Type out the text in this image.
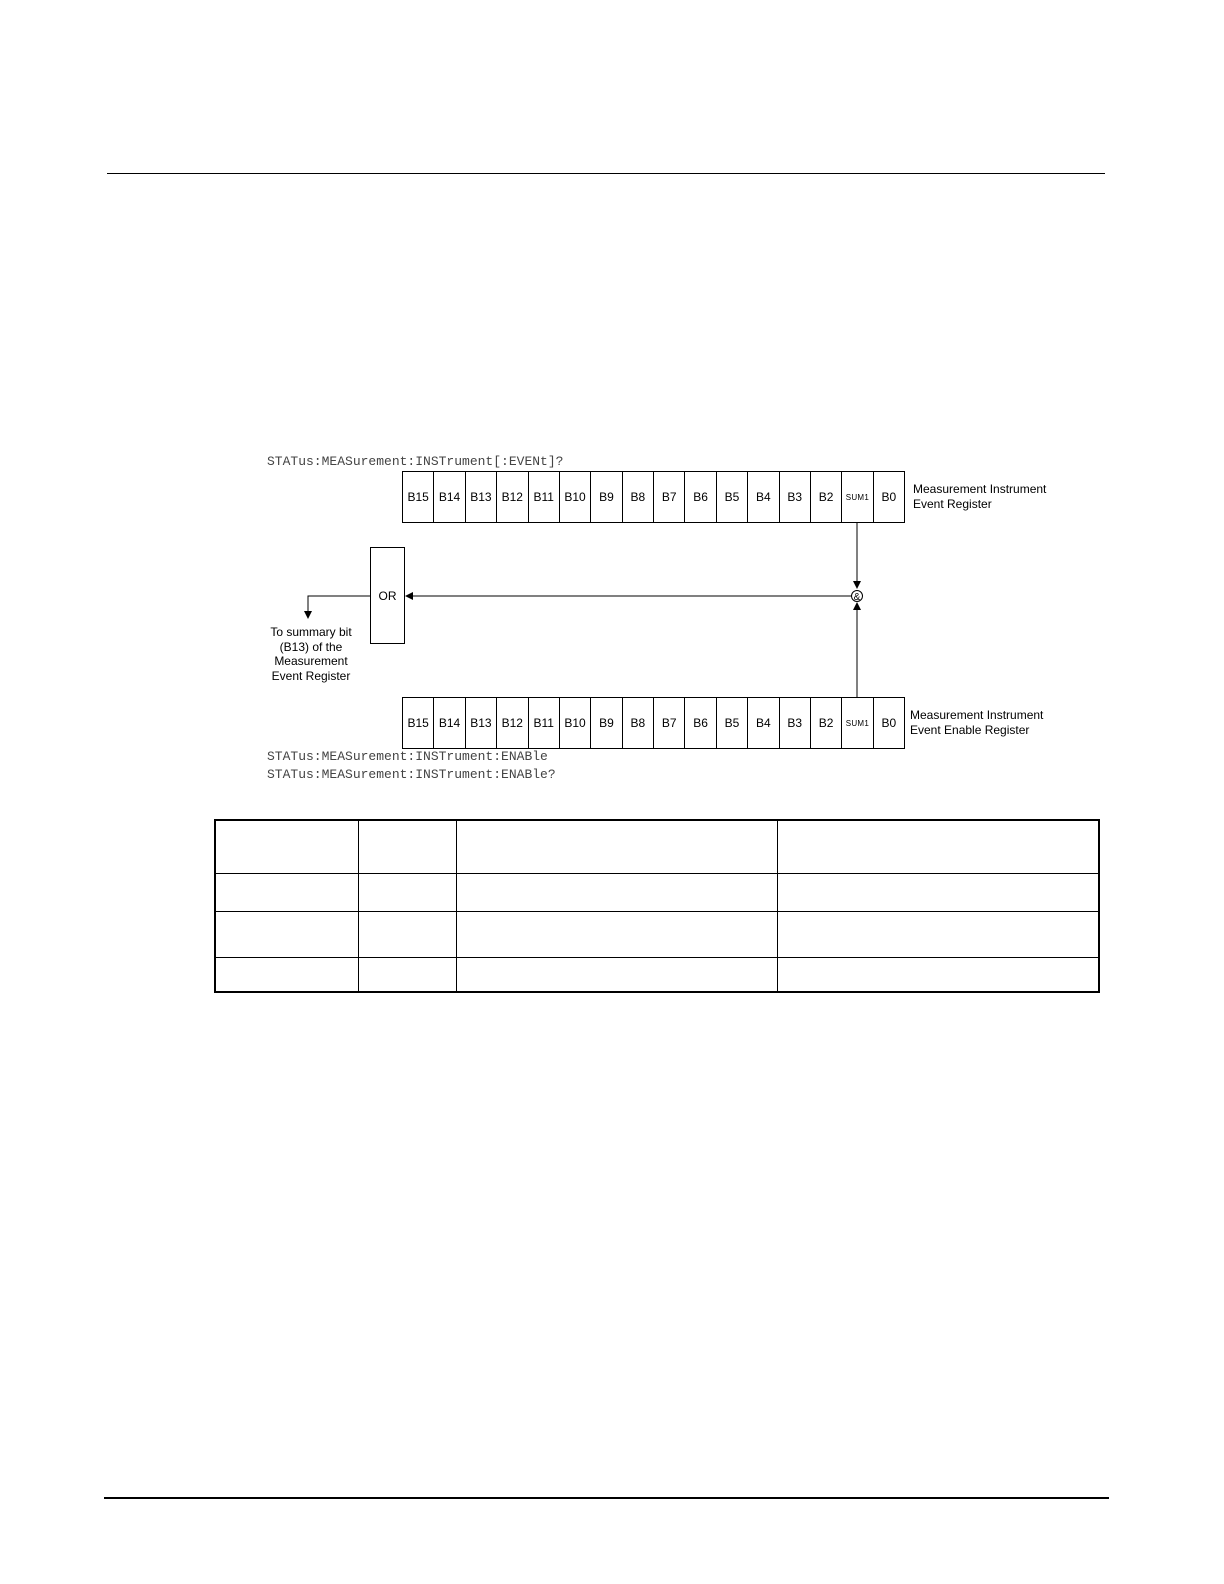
STATus:MEASurement:INSTrument[:EVENt]?
B15 B14 B13 B12 B11 B10	B9	B8	B7	B6	B5	B4	B3	B2	SUM1	B0
Measurement Instrument
Event Register
&
OR
To summary bit
(B13) of the
Measurement
Event Register
B15 B14 B13 B12 B11 B10	B9	B8	B7	B6	B5	B4	B3	B2	SUM1	B0
Measurement Instrument
Event Enable Register
STATus:MEASurement:INSTrument:ENABle
STATus:MEASurement:INSTrument:ENABle?
